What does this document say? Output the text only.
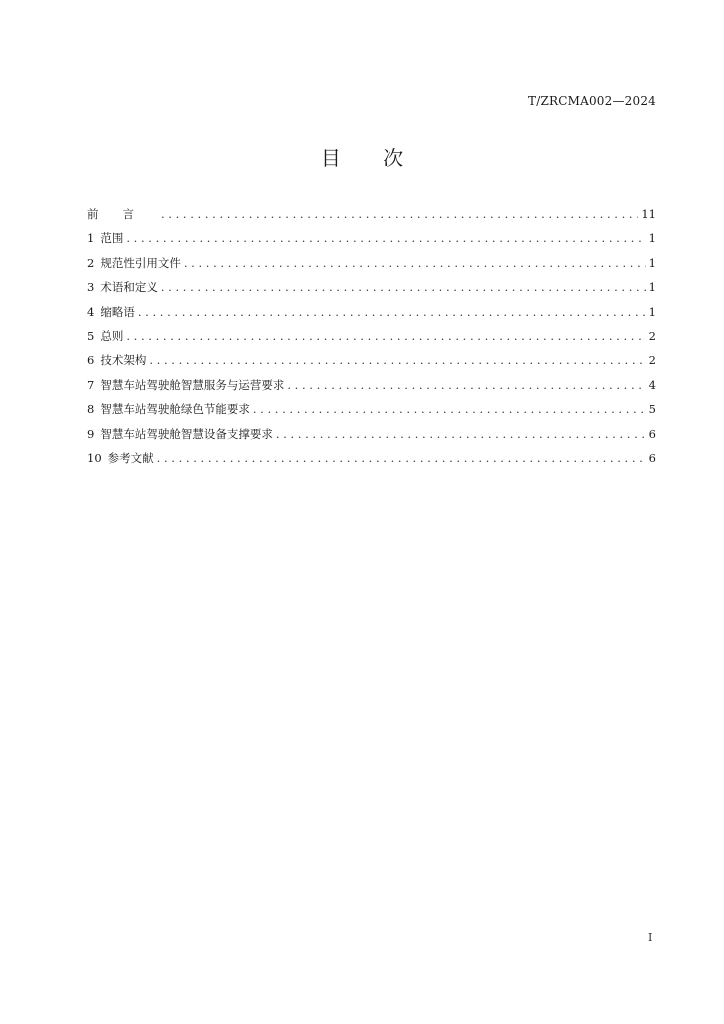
T/ZRCMA002—2024
目 次
前言 . . .	11
1 范围 . . .	1
2 规范性引用文件 . . .	1
3 术语和定义 . . .	1
4 缩略语 . . .	1
5 总则 . . .	2
6 技术架构 . . .	2
7 智慧车站驾驶舱智慧服务与运营要求 . . .	4
8 智慧车站驾驶舱绿色节能要求 . . .	5
9 智慧车站驾驶舱智慧设备支撑要求 . . .	6
10 参考文献 . . .	6
I
